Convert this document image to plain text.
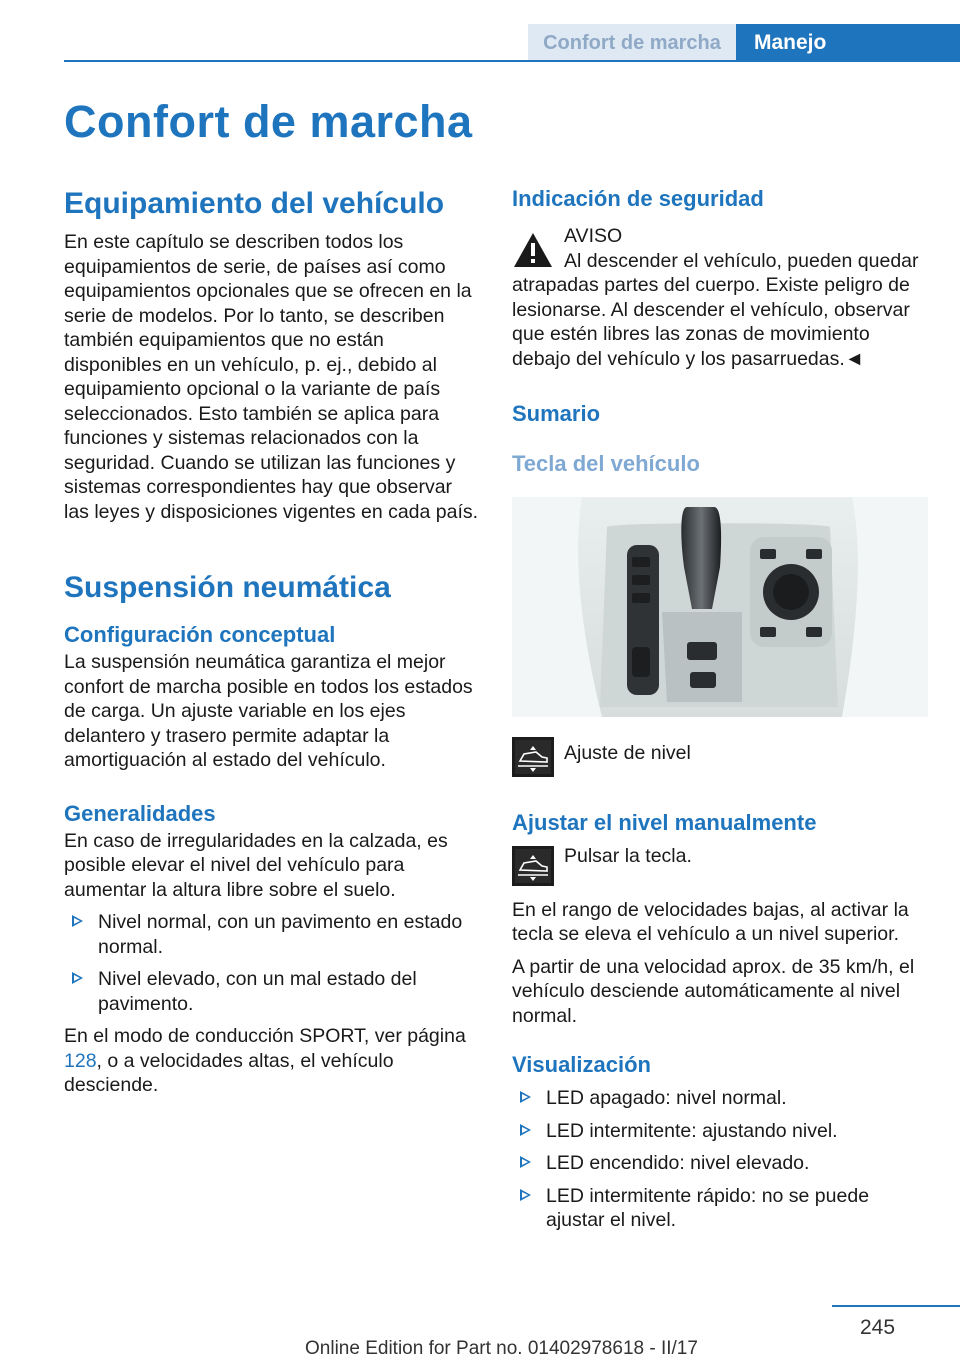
Confort de marcha	Manejo
Confort de marcha
Equipamiento del vehículo

En este capítulo se describen todos los equipamientos de serie, de países así como equipamientos opcionales que se ofrecen en la serie de modelos. Por lo tanto, se describen también equipamientos que no están disponibles en un vehículo, p. ej., debido al equipamiento opcional o la variante de país seleccionados. Esto también se aplica para funciones y sistemas relacionados con la seguridad. Cuando se utilizan las funciones y sistemas correspondientes hay que observar las leyes y disposiciones vigentes en cada país.

Suspensión neumática
Configuración conceptual

La suspensión neumática garantiza el mejor confort de marcha posible en todos los estados de carga. Un ajuste variable en los ejes delantero y trasero permite adaptar la amortiguación al estado del vehículo.

Generalidades

En caso de irregularidades en la calzada, es posible elevar el nivel del vehículo para aumentar la altura libre sobre el suelo.

Nivel normal, con un pavimento en estado normal.
Nivel elevado, con un mal estado del pavimento.

En el modo de conducción SPORT, ver página 128, o a velocidades altas, el vehículo desciende.

Indicación de seguridad

AVISO

Al descender el vehículo, pueden quedar atrapadas partes del cuerpo. Existe peligro de lesionarse. Al descender el vehículo, observar que estén libres las zonas de movimiento debajo del vehículo y los pasarruedas.◄

Sumario
Tecla del vehículo

Ajuste de nivel

Ajustar el nivel manualmente

Pulsar la tecla.

En el rango de velocidades bajas, al activar la tecla se eleva el vehículo a un nivel superior.

A partir de una velocidad aprox. de 35 km/h, el vehículo desciende automáticamente al nivel normal.

Visualización
LED apagado: nivel normal.
LED intermitente: ajustando nivel.
LED encendido: nivel elevado.
LED intermitente rápido: no se puede ajustar el nivel.
245
Online Edition for Part no. 01402978618 - II/17
